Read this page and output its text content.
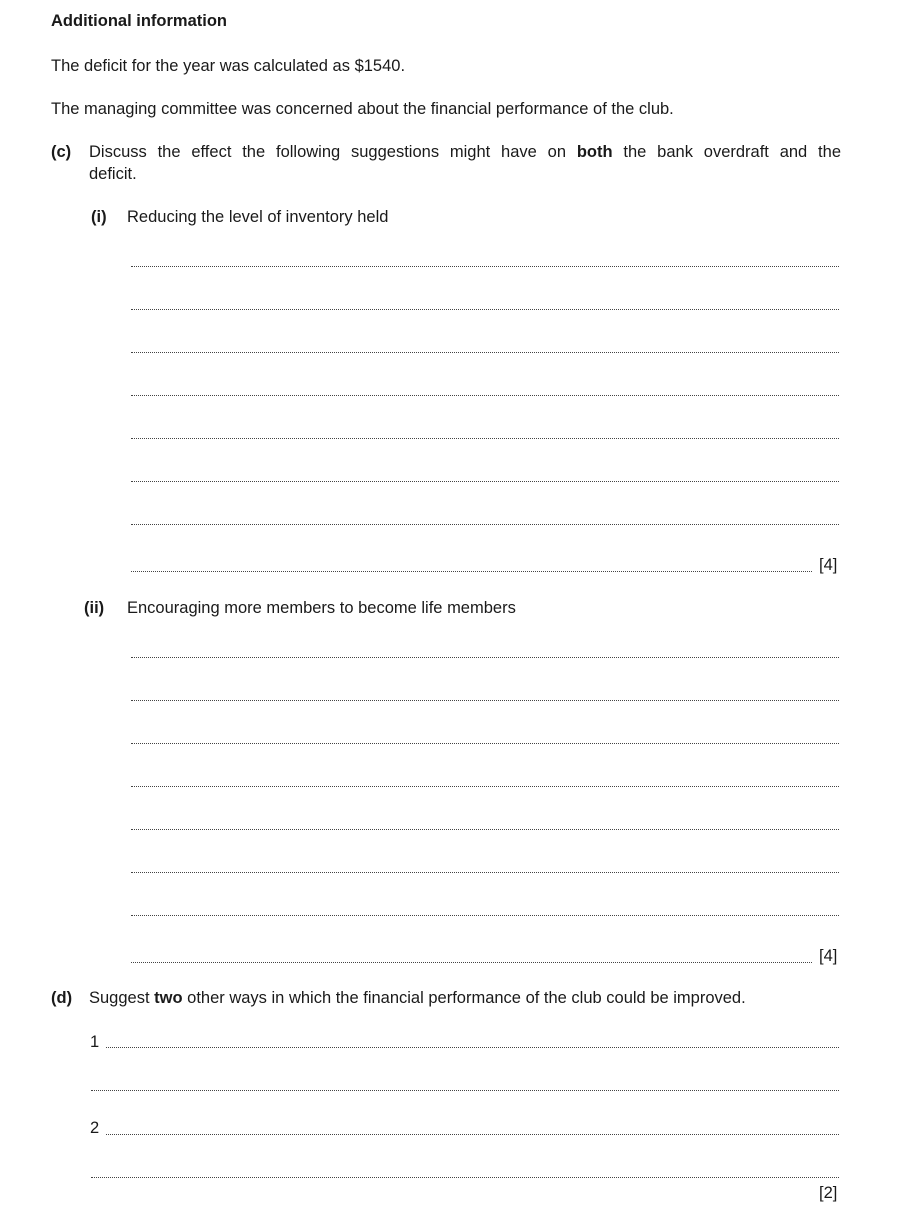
Additional information
The deficit for the year was calculated as $1540.
The managing committee was concerned about the financial performance of the club.
(c) Discuss the effect the following suggestions might have on both the bank overdraft and the
deficit.
(i) Reducing the level of inventory held
[4]
(ii) Encouraging more members to become life members
[4]
(d) Suggest two other ways in which the financial performance of the club could be improved.
1
2
[2]
